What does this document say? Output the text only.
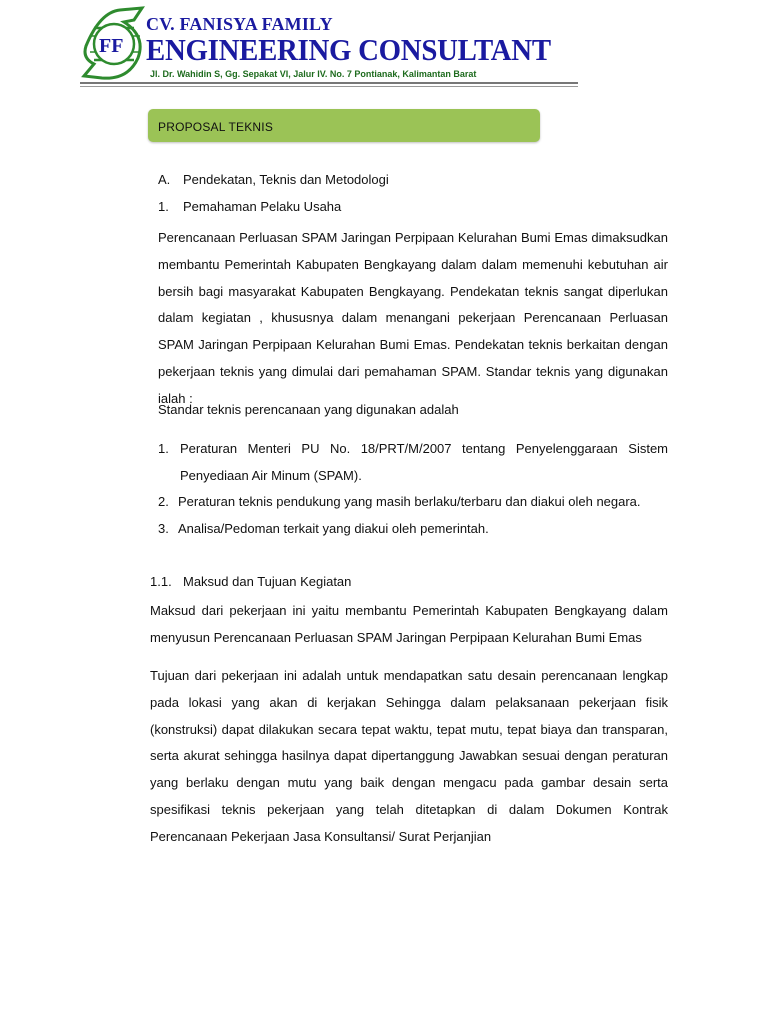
FF
CV. FANISYA FAMILY
ENGINEERING CONSULTANT
Jl. Dr. Wahidin S, Gg. Sepakat VI, Jalur IV. No. 7 Pontianak, Kalimantan Barat
PROPOSAL TEKNIS
A. Pendekatan, Teknis dan Metodologi
1. Pemahaman Pelaku Usaha
Perencanaan Perluasan SPAM Jaringan Perpipaan Kelurahan Bumi Emas dimaksudkan membantu Pemerintah Kabupaten Bengkayang dalam dalam memenuhi kebutuhan air bersih bagi masyarakat Kabupaten Bengkayang. Pendekatan teknis sangat diperlukan dalam kegiatan , khususnya dalam menangani pekerjaan Perencanaan Perluasan SPAM Jaringan Perpipaan Kelurahan Bumi Emas. Pendekatan teknis berkaitan dengan pekerjaan teknis yang dimulai dari pemahaman SPAM. Standar teknis yang digunakan ialah :
Standar teknis perencanaan yang digunakan adalah
1. Peraturan Menteri PU No. 18/PRT/M/2007 tentang Penyelenggaraan Sistem Penyediaan Air Minum (SPAM).
2. Peraturan teknis pendukung yang masih berlaku/terbaru dan diakui oleh negara.
3. Analisa/Pedoman terkait yang diakui oleh pemerintah.
1.1. Maksud dan Tujuan Kegiatan
Maksud dari pekerjaan ini yaitu membantu Pemerintah Kabupaten Bengkayang dalam menyusun Perencanaan Perluasan SPAM Jaringan Perpipaan Kelurahan Bumi Emas
Tujuan dari pekerjaan ini adalah untuk mendapatkan satu desain perencanaan lengkap pada lokasi yang akan di kerjakan Sehingga dalam pelaksanaan pekerjaan fisik (konstruksi) dapat dilakukan secara tepat waktu, tepat mutu, tepat biaya dan transparan, serta akurat sehingga hasilnya dapat dipertanggung Jawabkan sesuai dengan peraturan yang berlaku dengan mutu yang baik dengan mengacu pada gambar desain serta spesifikasi teknis pekerjaan yang telah ditetapkan di dalam Dokumen Kontrak Perencanaan Pekerjaan Jasa Konsultansi/ Surat Perjanjian
